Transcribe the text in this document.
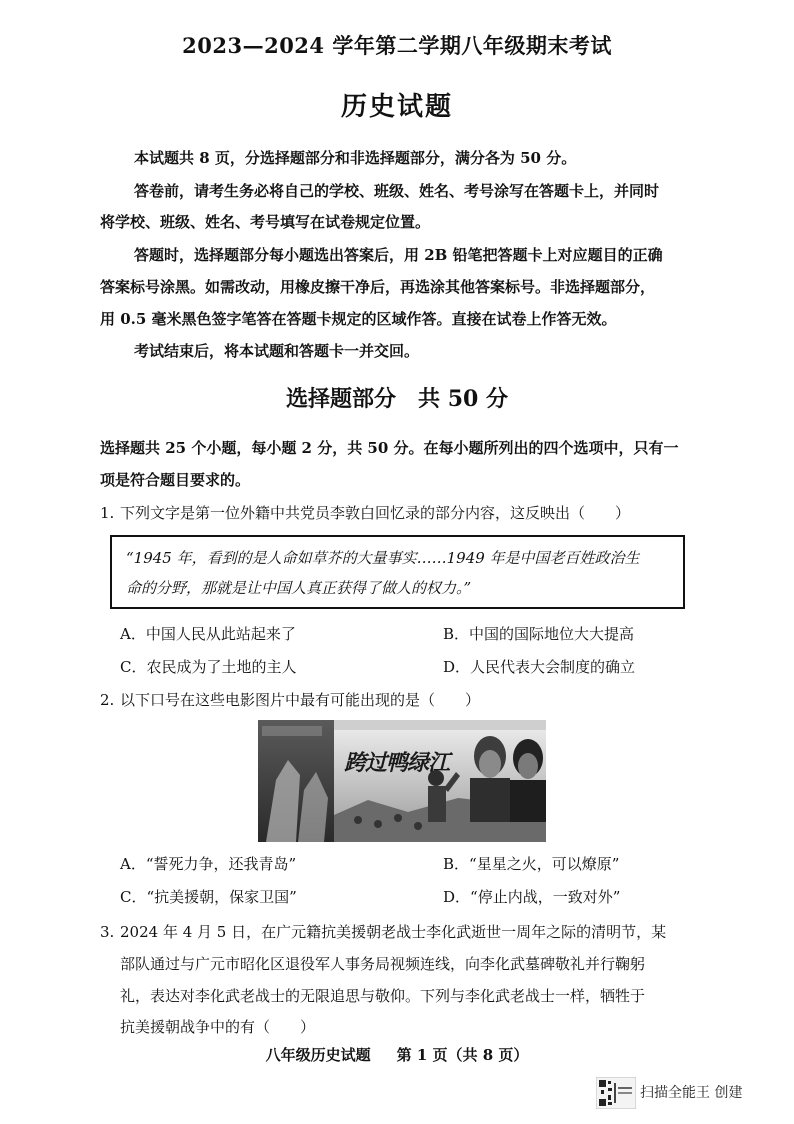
2023—2024 学年第二学期八年级期末考试
历史试题
本试题共 8 页，分选择题部分和非选择题部分，满分各为 50 分。
答卷前，请考生务必将自己的学校、班级、姓名、考号涂写在答题卡上，并同时
将学校、班级、姓名、考号填写在试卷规定位置。
答题时，选择题部分每小题选出答案后，用 2B 铅笔把答题卡上对应题目的正确
答案标号涂黑。如需改动，用橡皮擦干净后，再选涂其他答案标号。非选择题部分，
用 0.5 毫米黑色签字笔答在答题卡规定的区域作答。直接在试卷上作答无效。
考试结束后，将本试题和答题卡一并交回。
选择题部分 共 50 分
选择题共 25 个小题，每小题 2 分，共 50 分。在每小题所列出的四个选项中，只有一
项是符合题目要求的。
1. 下列文字是第一位外籍中共党员李敦白回忆录的部分内容，这反映出（　　）
“1945 年，看到的是人命如草芥的大量事实……1949 年是中国老百姓政治生
命的分野，那就是让中国人真正获得了做人的权力。”
A．中国人民从此站起来了	B．中国的国际地位大大提高
C．农民成为了土地的主人	D．人民代表大会制度的确立
2. 以下口号在这些电影图片中最有可能出现的是（　　）
跨过鸭绿江
A．“誓死力争，还我青岛”	B．“星星之火，可以燎原”
C．“抗美援朝，保家卫国”	D．“停止内战，一致对外”
3. 2024 年 4 月 5 日，在广元籍抗美援朝老战士李化武逝世一周年之际的清明节，某
部队通过与广元市昭化区退役军人事务局视频连线，向李化武墓碑敬礼并行鞠躬
礼，表达对李化武老战士的无限追思与敬仰。下列与李化武老战士一样，牺牲于
抗美援朝战争中的有（　　）
八年级历史试题 第 1 页（共 8 页）
扫描全能王 创建
